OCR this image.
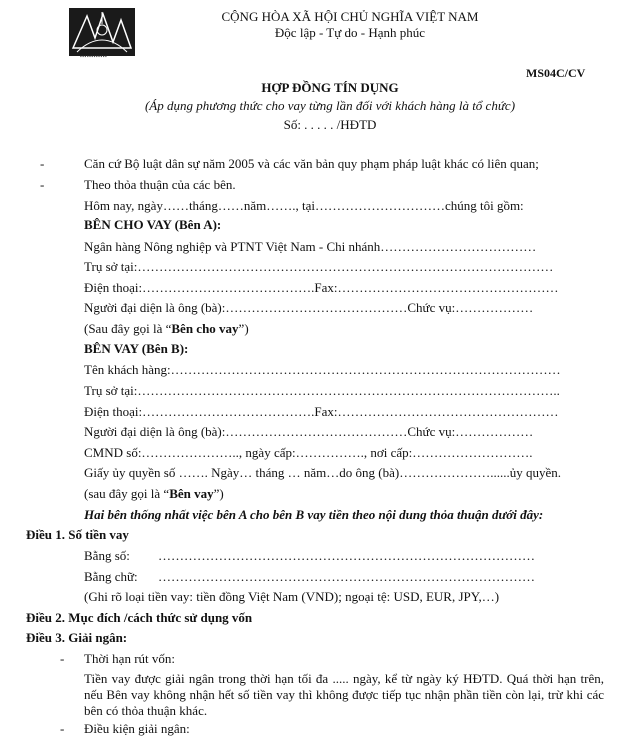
▪▪▪▪▪▪▪▪▪▪▪▪
CỘNG HÒA XÃ HỘI CHỦ NGHĨA VIỆT NAM
Độc lập - Tự do - Hạnh phúc
MS04C/CV
HỢP ĐỒNG TÍN DỤNG
(Áp dụng phương thức cho vay từng lần đối với khách hàng là tổ chức)
Số: . . . . . /HĐTD
-	Căn cứ Bộ luật dân sự năm 2005 và các văn bản quy phạm pháp luật khác có liên quan;
-	Theo thỏa thuận của các bên.
Hôm nay, ngày……tháng……năm……., tại…………………………chúng tôi gồm:
BÊN CHO VAY (Bên A):
Ngân hàng Nông nghiệp và PTNT Việt Nam - Chi nhánh………………………………
Trụ sở tại:……………………………………………………………………………………
Điện thoại:………………………………….Fax:……………………………………………
Người đại diện là ông (bà):……………………………………Chức vụ:………………
(Sau đây gọi là “Bên cho vay”)
BÊN VAY (Bên B):
Tên khách hàng:………………………………………………………………………………
Trụ sở tại:……………………………………………………………………………………..
Điện thoại:………………………………….Fax:……………………………………………
Người đại diện là ông (bà):……………………………………Chức vụ:………………
CMND số:………………….., ngày cấp:……………., nơi cấp:……………………….
Giấy ủy quyền số ……. Ngày… tháng … năm…do ông (bà)…………………......ủy quyền.
(sau đây gọi là “Bên vay”)
Hai bên thống nhất việc bên A cho bên B vay tiền theo nội dung thỏa thuận dưới đây:
Điều 1. Số tiền vay
Bằng số: ……………………………………………………………………………
Bằng chữ: ……………………………………………………………………………
(Ghi rõ loại tiền vay: tiền đồng Việt Nam (VND); ngoại tệ: USD, EUR, JPY,…)
Điều 2. Mục đích /cách thức sử dụng vốn
Điều 3. Giải ngân:
- Thời hạn rút vốn:
Tiền vay được giải ngân trong thời hạn tối đa ..... ngày, kể từ ngày ký HĐTD. Quá thời hạn trên, nếu Bên vay không nhận hết số tiền vay thì không được tiếp tục nhận phần tiền còn lại, trừ khi các bên có thỏa thuận khác.
- Điều kiện giải ngân:
